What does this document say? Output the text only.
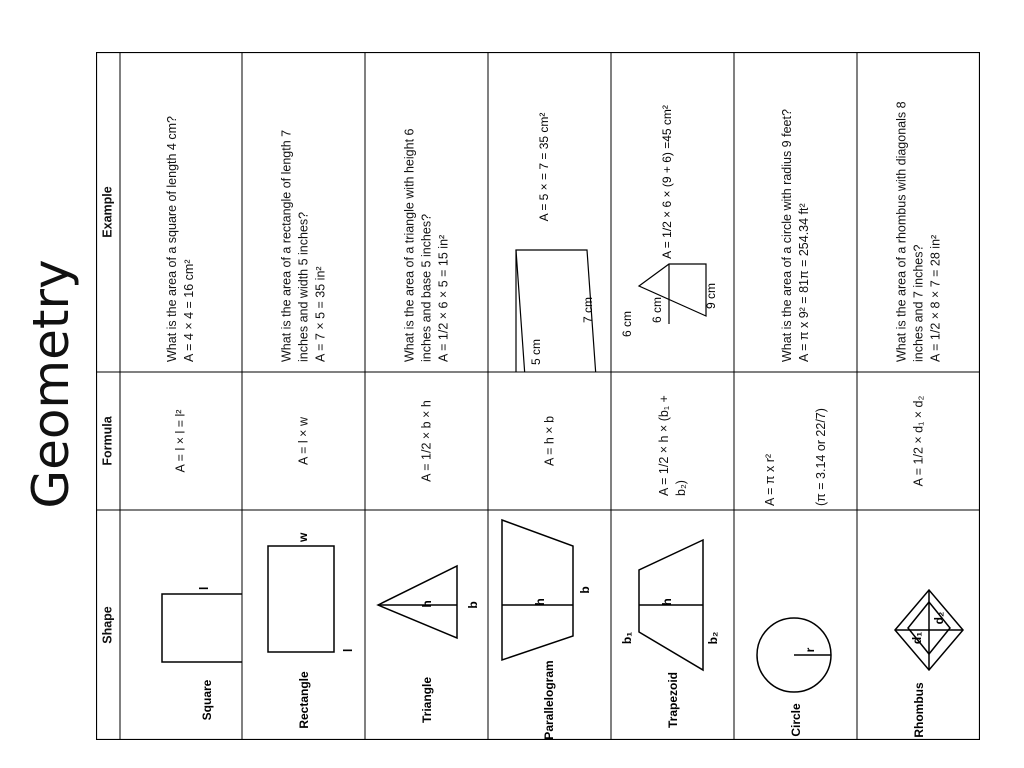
Geometry
Example
Formula
Shape
What is the area of a square of length 4 cm? A = 4 × 4 = 16 cm²
A = l × l = l²
l
Square
What is the area of a rectangle of length 7 inches and width 5 inches? A = 7 × 5 = 35 in²
A = l × w
w
l
Rectangle
What is the area of a triangle with height 6 inches and base 5 inches? A = 1/2 × 6 × 5 = 15 in²
A = 1/2 × b × h
h	b
Triangle
5 cm
7 cm
A = 5 × = 7 = 35 cm²
A = h × b
h
b
Parallelogram
6 cm
6 cm
9 cm
A = 1/2 × 6 × (9 + 6) =45 cm²
A = 1/2 × h × (b₁ + b₂)
b₁
h
b₂
Trapezoid
What is the area of a circle with radius 9 feet? A = π x 9² = 81π = 254.34 ft²
A = π x r²	(π = 3.14 or 22/7)
r
Circle
What is the area of a rhombus with diagonals 8 inches and 7 inches? A = 1/2 × 8 × 7 = 28 in²
A = 1/2 × d₁ × d₂
d₁
d₂
Rhombus
